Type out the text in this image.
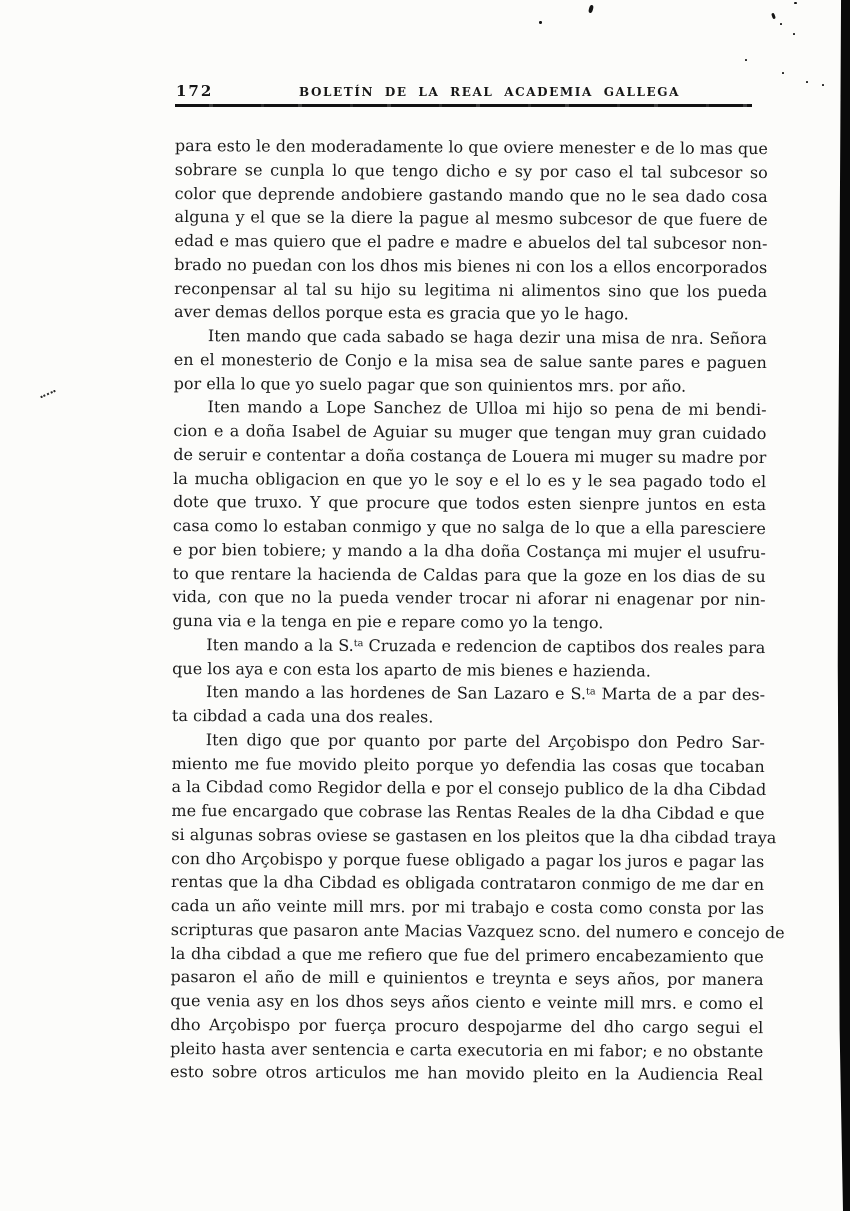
172	BOLETÍN DE LA REAL ACADEMIA GALLEGA
para esto le den moderadamente lo que oviere menester e de lo mas que
sobrare se cunpla lo que tengo dicho e sy por caso el tal subcesor so
color que deprende andobiere gastando mando que no le sea dado cosa
alguna y el que se la diere la pague al mesmo subcesor de que fuere de
edad e mas quiero que el padre e madre e abuelos del tal subcesor non-
brado no puedan con los dhos mis bienes ni con los a ellos encorporados
reconpensar al tal su hijo su legitima ni alimentos sino que los pueda
aver demas dellos porque esta es gracia que yo le hago.
Iten mando que cada sabado se haga dezir una misa de nra. Señora
en el monesterio de Conjo e la misa sea de salue sante pares e paguen
por ella lo que yo suelo pagar que son quinientos mrs. por año.
Iten mando a Lope Sanchez de Ulloa mi hijo so pena de mi bendi-
cion e a doña Isabel de Aguiar su muger que tengan muy gran cuidado
de seruir e contentar a doña costança de Louera mi muger su madre por
la mucha obligacion en que yo le soy e el lo es y le sea pagado todo el
dote que truxo. Y que procure que todos esten sienpre juntos en esta
casa como lo estaban conmigo y que no salga de lo que a ella paresciere
e por bien tobiere; y mando a la dha doña Costança mi mujer el usufru-
to que rentare la hacienda de Caldas para que la goze en los dias de su
vida, con que no la pueda vender trocar ni aforar ni enagenar por nin-
guna via e la tenga en pie e repare como yo la tengo.
Iten mando a la S.$^{ta}$ Cruzada e redencion de captibos dos reales para
que los aya e con esta los aparto de mis bienes e hazienda.
Iten mando a las hordenes de San Lazaro e S.$^{ta}$ Marta de a par des-
ta cibdad a cada una dos reales.
Iten digo que por quanto por parte del Arçobispo don Pedro Sar-
miento me fue movido pleito porque yo defendia las cosas que tocaban
a la Cibdad como Regidor della e por el consejo publico de la dha Cibdad
me fue encargado que cobrase las Rentas Reales de la dha Cibdad e que
si algunas sobras oviese se gastasen en los pleitos que la dha cibdad traya
con dho Arçobispo y porque fuese obligado a pagar los juros e pagar las
rentas que la dha Cibdad es obligada contrataron conmigo de me dar en
cada un año veinte mill mrs. por mi trabajo e costa como consta por las
scripturas que pasaron ante Macias Vazquez scno. del numero e concejo de
la dha cibdad a que me refiero que fue del primero encabezamiento que
pasaron el año de mill e quinientos e treynta e seys años, por manera
que venia asy en los dhos seys años ciento e veinte mill mrs. e como el
dho Arçobispo por fuerça procuro despojarme del dho cargo segui el
pleito hasta aver sentencia e carta executoria en mi fabor; e no obstante
esto sobre otros articulos me han movido pleito en la Audiencia Real
